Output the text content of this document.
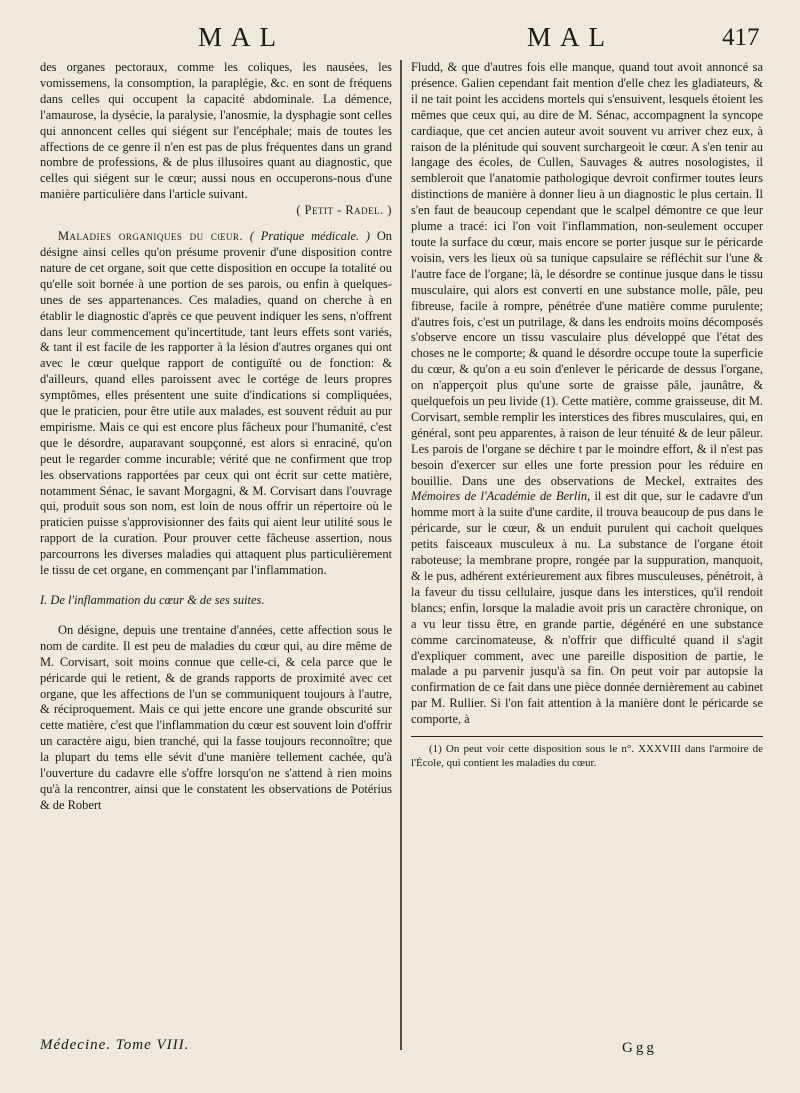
MAL	MAL	417

des organes pectoraux, comme les coliques, les nausées, les vomissemens, la consomption, la paraplégie, &c. en sont de fréquens dans celles qui occupent la capacité abdominale. La démence, l'amaurose, la dysécie, la paralysie, l'anosmie, la dysphagie sont celles qui annoncent celles qui siégent sur l'encéphale; mais de toutes les affections de ce genre il n'en est pas de plus fréquentes dans un grand nombre de professions, & de plus illusoires quant au diagnostic, que celles qui siégent sur le cœur; aussi nous en occuperons-nous d'une manière particulière dans l'article suivant.

( Petit - Radel. )

Maladies organiques du cœur. ( Pratique médicale. ) On désigne ainsi celles qu'on présume provenir d'une disposition contre nature de cet organe, soit que cette disposition en occupe la totalité ou qu'elle soit bornée à une portion de ses parois, ou enfin à quelques-unes de ses appartenances. Ces maladies, quand on cherche à en établir le diagnostic d'après ce que peuvent indiquer les sens, n'offrent dans leur commencement qu'incertitude, tant leurs effets sont variés, & tant il est facile de les rapporter à la lésion d'autres organes qui ont avec le cœur quelque rapport de contiguïté ou de fonction: & d'ailleurs, quand elles paroissent avec le cortége de leurs propres symptômes, elles présentent une suite d'indications si compliquées, que le praticien, pour être utile aux malades, est souvent réduit au pur empirisme. Mais ce qui est encore plus fâcheux pour l'humanité, c'est que le désordre, auparavant soupçonné, est alors si enraciné, qu'on peut le regarder comme incurable; vérité que ne confirment que trop les observations rapportées par ceux qui ont écrit sur cette matière, notamment Sénac, le savant Morgagni, & M. Corvisart dans l'ouvrage qui, produit sous son nom, est loin de nous offrir un répertoire où le praticien puisse s'approvisionner des faits qui aient leur utilité sous le rapport de la curation. Pour prouver cette fâcheuse assertion, nous parcourrons les diverses maladies qui attaquent plus particulièrement le tissu de cet organe, en commençant par l'inflammation.

I. De l'inflammation du cœur & de ses suites.

On désigne, depuis une trentaine d'années, cette affection sous le nom de cardite. Il est peu de maladies du cœur qui, au dire même de M. Corvisart, soit moins connue que celle-ci, & cela parce que le péricarde qui le retient, & de grands rapports de proximité avec cet organe, que les affections de l'un se communiquent toujours à l'autre, & réciproquement. Mais ce qui jette encore une grande obscurité sur cette matière, c'est que l'inflammation du cœur est souvent loin d'offrir un caractère aigu, bien tranché, qui la fasse toujours reconnoître; que la plupart du tems elle sévit d'une manière tellement cachée, qu'à l'ouverture du cadavre elle s'offre lorsqu'on ne s'attend à rien moins qu'à la rencontrer, ainsi que le constatent les observations de Potérius & de Robert

Fludd, & que d'autres fois elle manque, quand tout avoit annoncé sa présence. Galien cependant fait mention d'elle chez les gladiateurs, & il ne tait point les accidens mortels qui s'ensuivent, lesquels étoient les mêmes que ceux qui, au dire de M. Sénac, accompagnent la syncope cardiaque, que cet ancien auteur avoit souvent vu arriver chez eux, à raison de la plénitude qui souvent surchargeoit le cœur. A s'en tenir au langage des écoles, de Cullen, Sauvages & autres nosologistes, il sembleroit que l'anatomie pathologique devroit confirmer toutes leurs distinctions de manière à donner lieu à un diagnostic le plus certain. Il s'en faut de beaucoup cependant que le scalpel démontre ce que leur plume a tracé: ici l'on voit l'inflammation, non-seulement occuper toute la surface du cœur, mais encore se porter jusque sur le péricarde voisin, vers les lieux où sa tunique capsulaire se réfléchit sur l'une & l'autre face de l'organe; là, le désordre se continue jusque dans le tissu musculaire, qui alors est converti en une substance molle, pâle, peu fibreuse, facile à rompre, pénétrée d'une matière comme purulente; d'autres fois, c'est un putrilage, & dans les endroits moins décomposés s'observe encore un tissu vasculaire plus développé que l'état des choses ne le comporte; & quand le désordre occupe toute la superficie du cœur, & qu'on a eu soin d'enlever le péricarde de dessus l'organe, on n'apperçoit plus qu'une sorte de graisse pâle, jaunâtre, & quelquefois un peu livide (1). Cette matière, comme graisseuse, dit M. Corvisart, semble remplir les interstices des fibres musculaires, qui, en général, sont peu apparentes, à raison de leur ténuité & de leur pâleur. Les parois de l'organe se déchire t par le moindre effort, & il n'est pas besoin d'exercer sur elles une forte pression pour les réduire en bouillie. Dans une des observations de Meckel, extraites des Mémoires de l'Académie de Berlin, il est dit que, sur le cadavre d'un homme mort à la suite d'une cardite, il trouva beaucoup de pus dans le péricarde, sur le cœur, & un enduit purulent qui cachoit quelques petits faisceaux musculeux à nu. La substance de l'organe étoit raboteuse; la membrane propre, rongée par la suppuration, manquoit, & le pus, adhérent extérieurement aux fibres musculeuses, pénétroit, à la faveur du tissu cellulaire, jusque dans les interstices, qu'il rendoit blancs; enfin, lorsque la maladie avoit pris un caractère chronique, on a vu leur tissu être, en grande partie, dégénéré en une substance comme carcinomateuse, & n'offrir que difficulté quand il s'agit d'expliquer comment, avec une pareille disposition de partie, le malade a pu parvenir jusqu'à sa fin. On peut voir par autopsie la confirmation de ce fait dans une pièce donnée dernièrement au cabinet par M. Rullier. Si l'on fait attention à la manière dont le péricarde se comporte, à

(1) On peut voir cette disposition sous le n°. XXXVIII dans l'armoire de l'École, qui contient les maladies du cœur.

Médecine. Tome VIII.	Ggg
